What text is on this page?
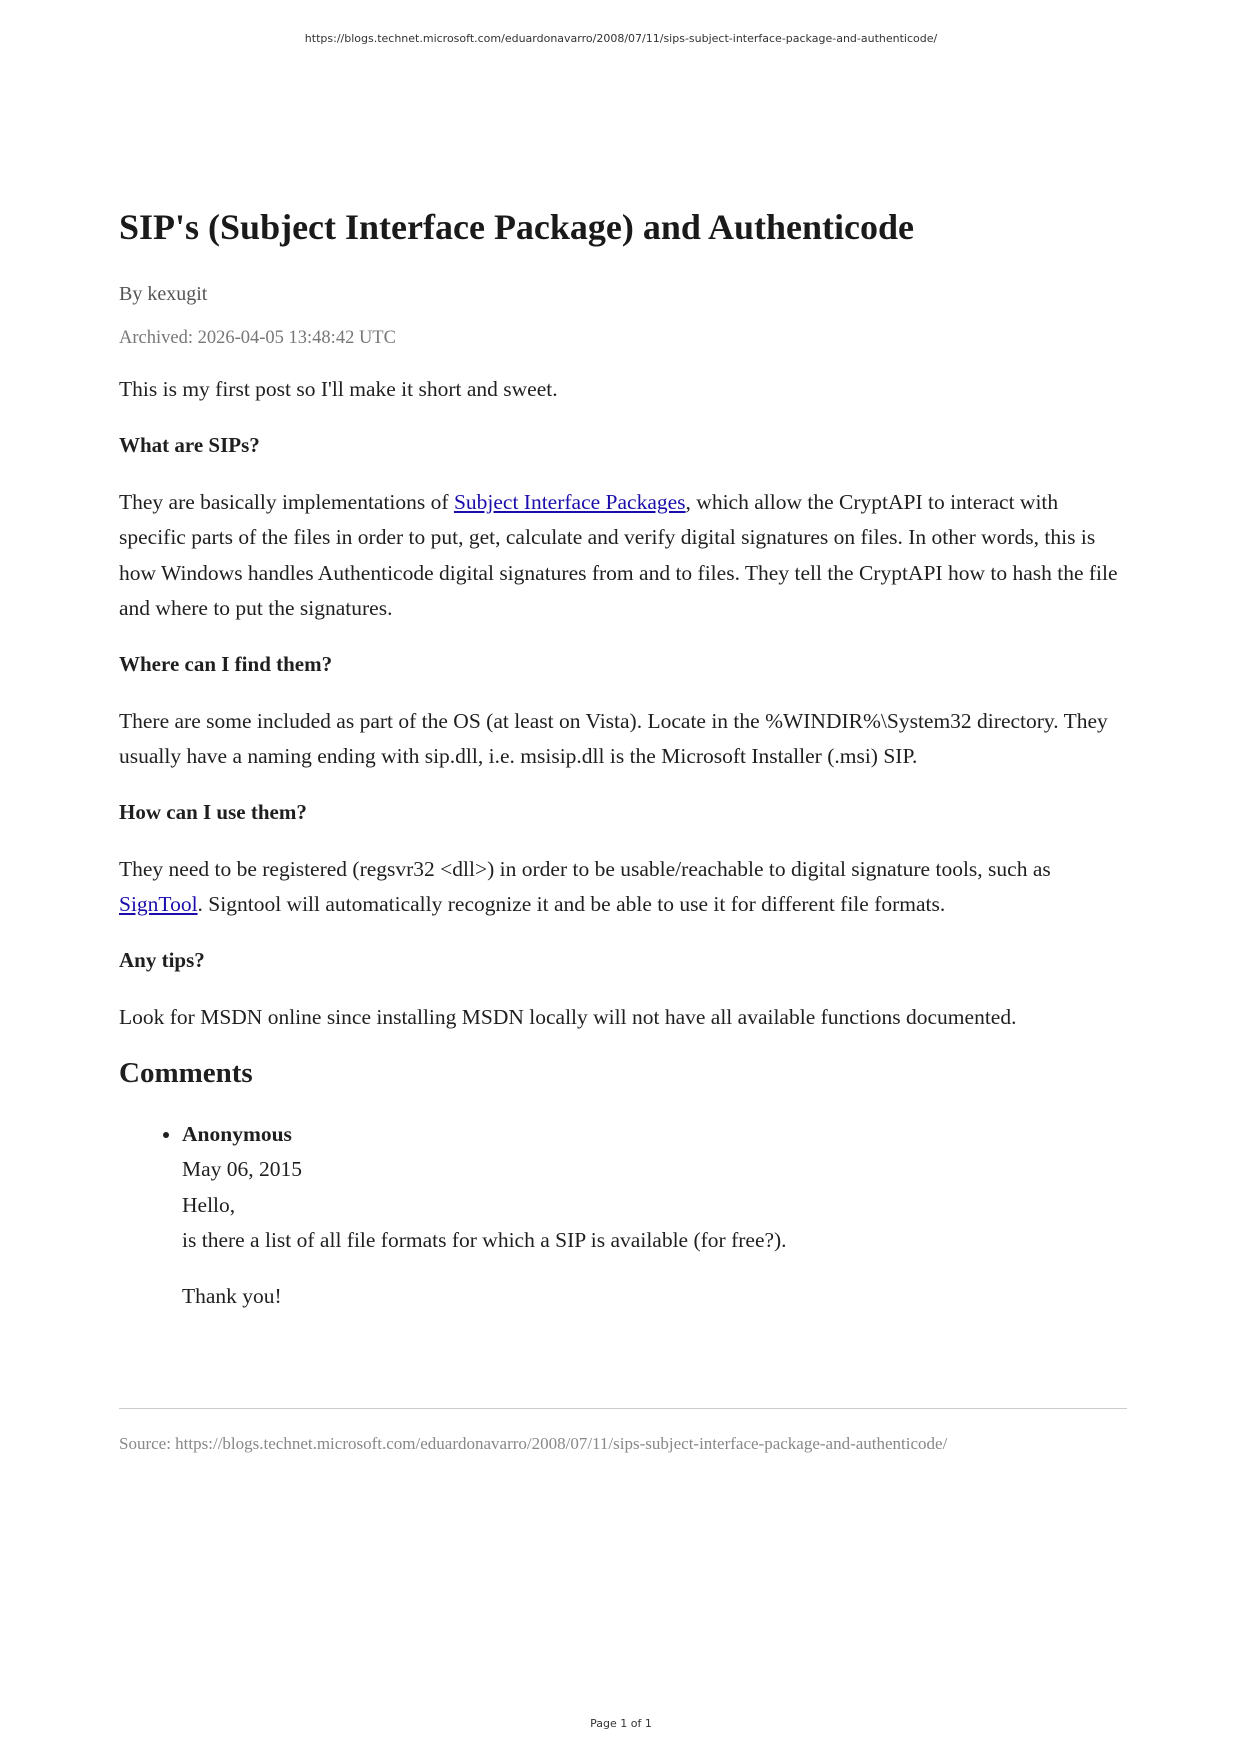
https://blogs.technet.microsoft.com/eduardonavarro/2008/07/11/sips-subject-interface-package-and-authenticode/
SIP's (Subject Interface Package) and Authenticode
By kexugit
Archived: 2026-04-05 13:48:42 UTC

This is my first post so I'll make it short and sweet.

What are SIPs?

They are basically implementations of Subject Interface Packages, which allow the CryptAPI to interact with specific parts of the files in order to put, get, calculate and verify digital signatures on files. In other words, this is how Windows handles Authenticode digital signatures from and to files. They tell the CryptAPI how to hash the file and where to put the signatures.

Where can I find them?

There are some included as part of the OS (at least on Vista). Locate in the %WINDIR%\System32 directory. They usually have a naming ending with sip.dll, i.e. msisip.dll is the Microsoft Installer (.msi) SIP.

How can I use them?

They need to be registered (regsvr32 <dll>) in order to be usable/reachable to digital signature tools, such as SignTool. Signtool will automatically recognize it and be able to use it for different file formats.

Any tips?

Look for MSDN online since installing MSDN locally will not have all available functions documented.

Comments
• Anonymous
May 06, 2015
Hello,
is there a list of all file formats for which a SIP is available (for free?).
Thank you!
Source: https://blogs.technet.microsoft.com/eduardonavarro/2008/07/11/sips-subject-interface-package-and-authenticode/
Page 1 of 1
